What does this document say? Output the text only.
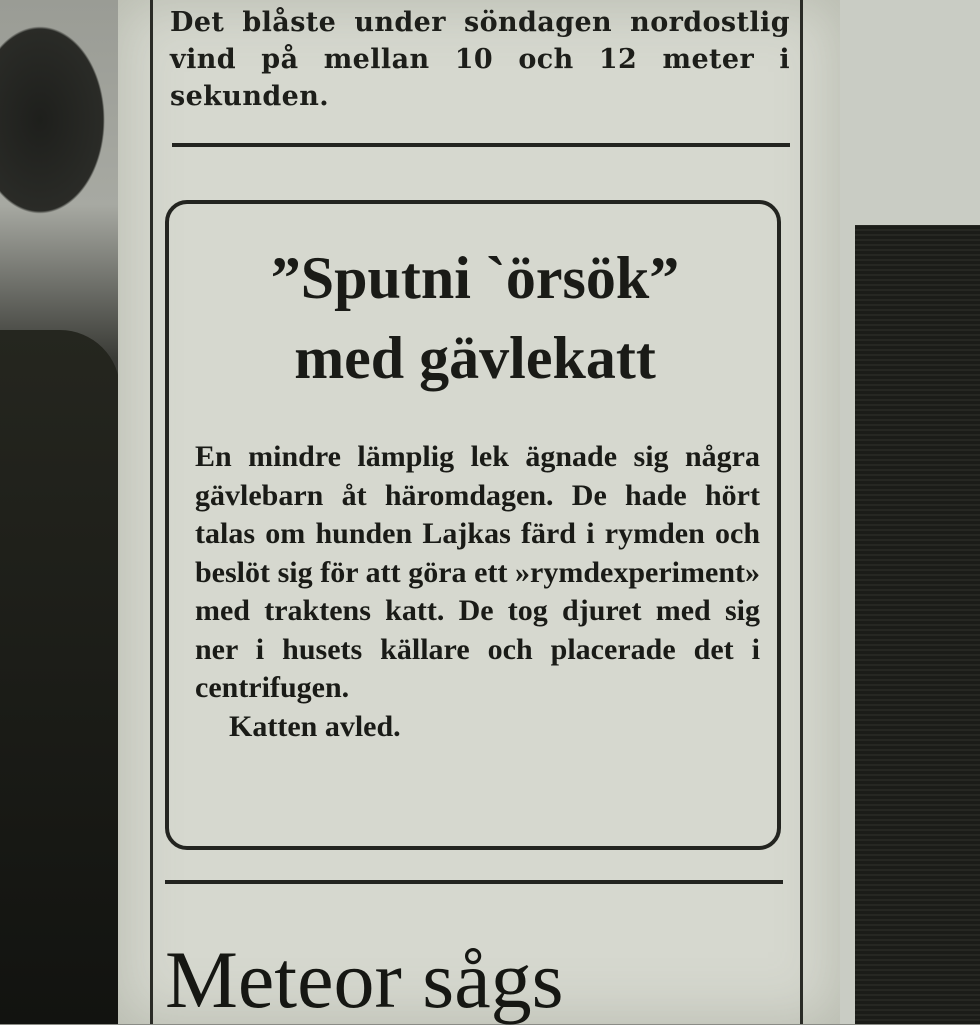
Det blåste under söndagen nordostlig vind på mellan 10 och 12 meter i sekunden.
”Sputni `örsök”
med gävlekatt

En mindre lämplig lek ägnade sig några gävlebarn åt häromdagen. De hade hört talas om hunden Lajkas färd i rymden och beslöt sig för att göra ett »rymdexperiment» med traktens katt. De tog djuret med sig ner i husets källare och placerade det i centrifugen.

Katten avled.

Meteor sågs
